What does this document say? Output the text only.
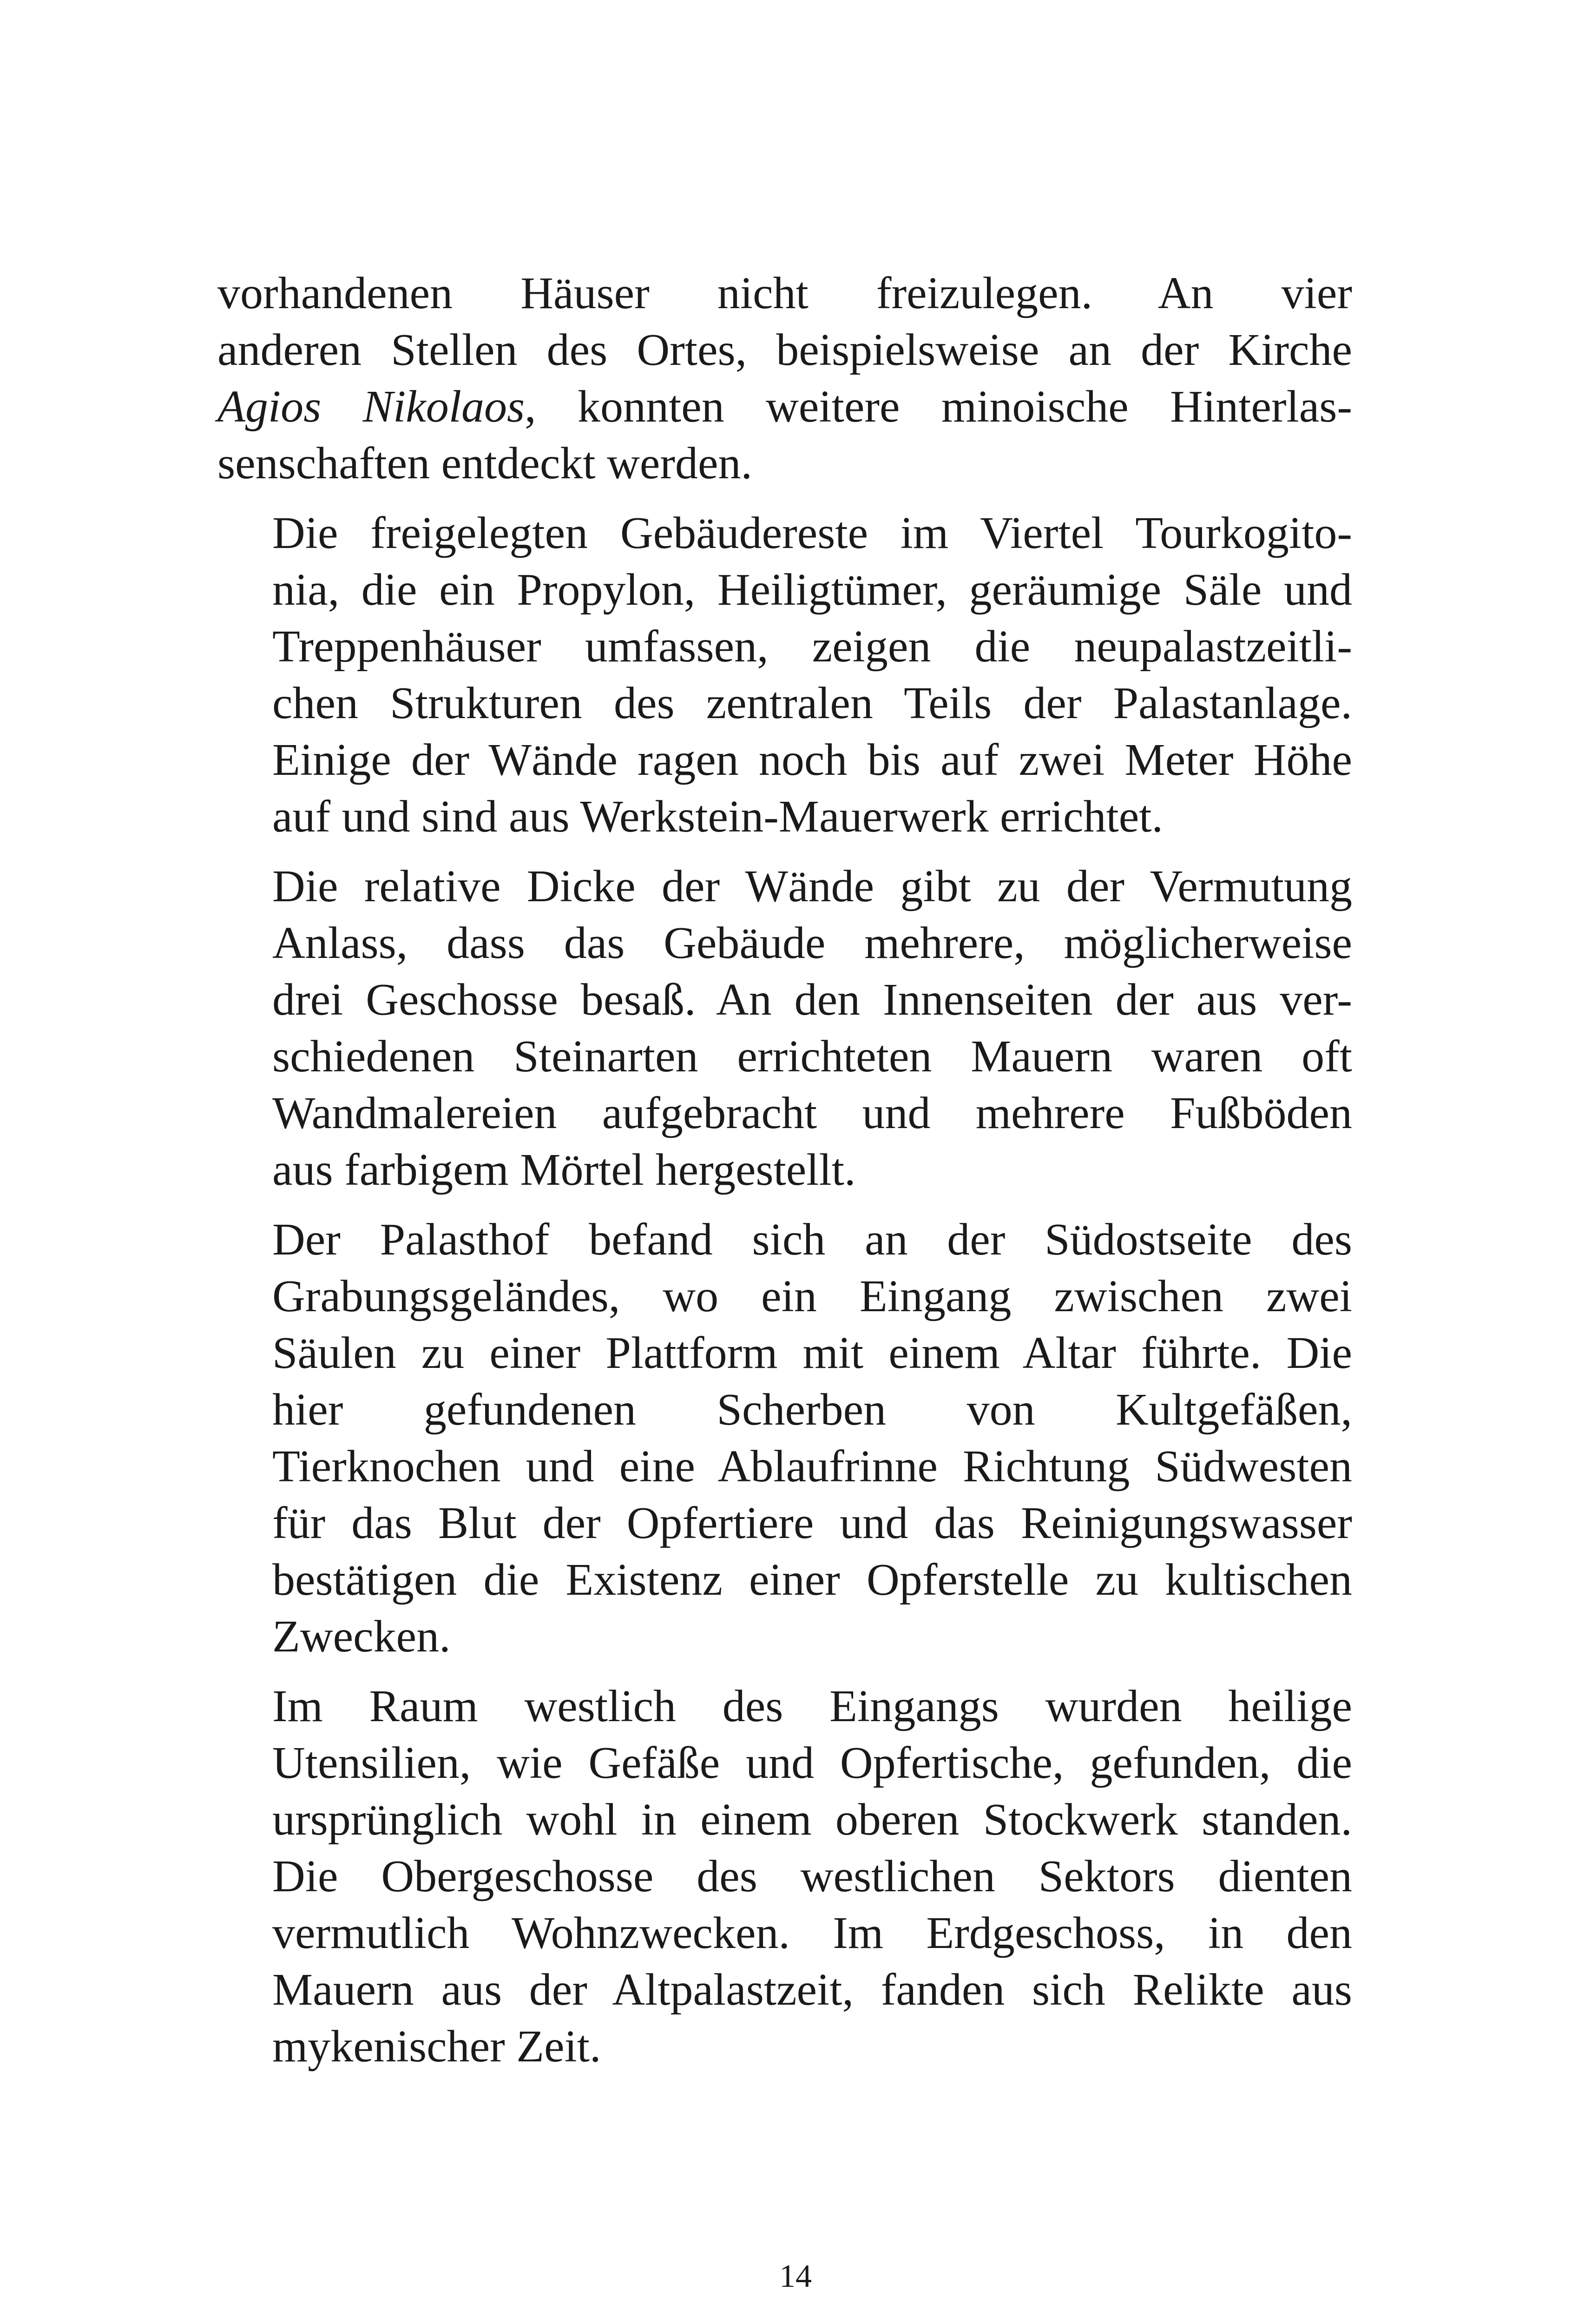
vorhandenen Häuser nicht freizulegen. An vier
anderen Stellen des Ortes, beispielsweise an der Kirche
Agios Nikolaos, konnten weitere minoische Hinterlas-
senschaften entdeckt werden.
Die freigelegten Gebäudereste im Viertel Tourkogito-
nia, die ein Propylon, Heiligtümer, geräumige Säle und
Treppenhäuser umfassen, zeigen die neupalastzeitli-
chen Strukturen des zentralen Teils der Palastanlage.
Einige der Wände ragen noch bis auf zwei Meter Höhe
auf und sind aus Werkstein-Mauerwerk errichtet.
Die relative Dicke der Wände gibt zu der Vermutung
Anlass, dass das Gebäude mehrere, möglicherweise
drei Geschosse besaß. An den Innenseiten der aus ver-
schiedenen Steinarten errichteten Mauern waren oft
Wandmalereien aufgebracht und mehrere Fußböden
aus farbigem Mörtel hergestellt.
Der Palasthof befand sich an der Südostseite des
Grabungsgeländes, wo ein Eingang zwischen zwei
Säulen zu einer Plattform mit einem Altar führte. Die
hier gefundenen Scherben von Kultgefäßen,
Tierknochen und eine Ablaufrinne Richtung Südwesten
für das Blut der Opfertiere und das Reinigungswasser
bestätigen die Existenz einer Opferstelle zu kultischen
Zwecken.
Im Raum westlich des Eingangs wurden heilige
Utensilien, wie Gefäße und Opfertische, gefunden, die
ursprünglich wohl in einem oberen Stockwerk standen.
Die Obergeschosse des westlichen Sektors dienten
vermutlich Wohnzwecken. Im Erdgeschoss, in den
Mauern aus der Altpalastzeit, fanden sich Relikte aus
mykenischer Zeit.
14
